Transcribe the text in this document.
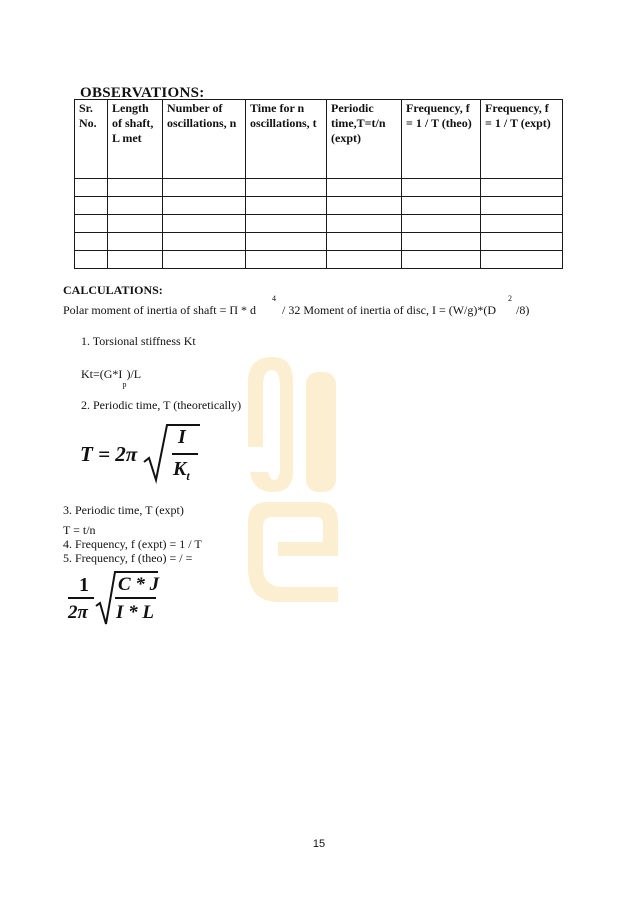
OBSERVATIONS:
Sr. No.	Length of shaft, L met	Number of oscillations, n	Time for n oscillations, t	Periodic time,T=t/n (expt)	Frequency, f = 1 / T (theo)	Frequency, f = 1 / T (expt)

CALCULATIONS:
Polar moment of inertia of shaft = Π * d
4
/ 32 Moment of inertia of disc, I = (W/g)*(D
2
/8)
1. Torsional stiffness Kt
$Kt=(G*I_p)/L$
2. Periodic time, T (theoretically)
T = 2π
I
$K_t$
3. Periodic time, T (expt)
T = t/n
4. Frequency, f (expt) = 1 / T
5. Frequency, f (theo) = / =
1
2π
C * J
I * L
15
